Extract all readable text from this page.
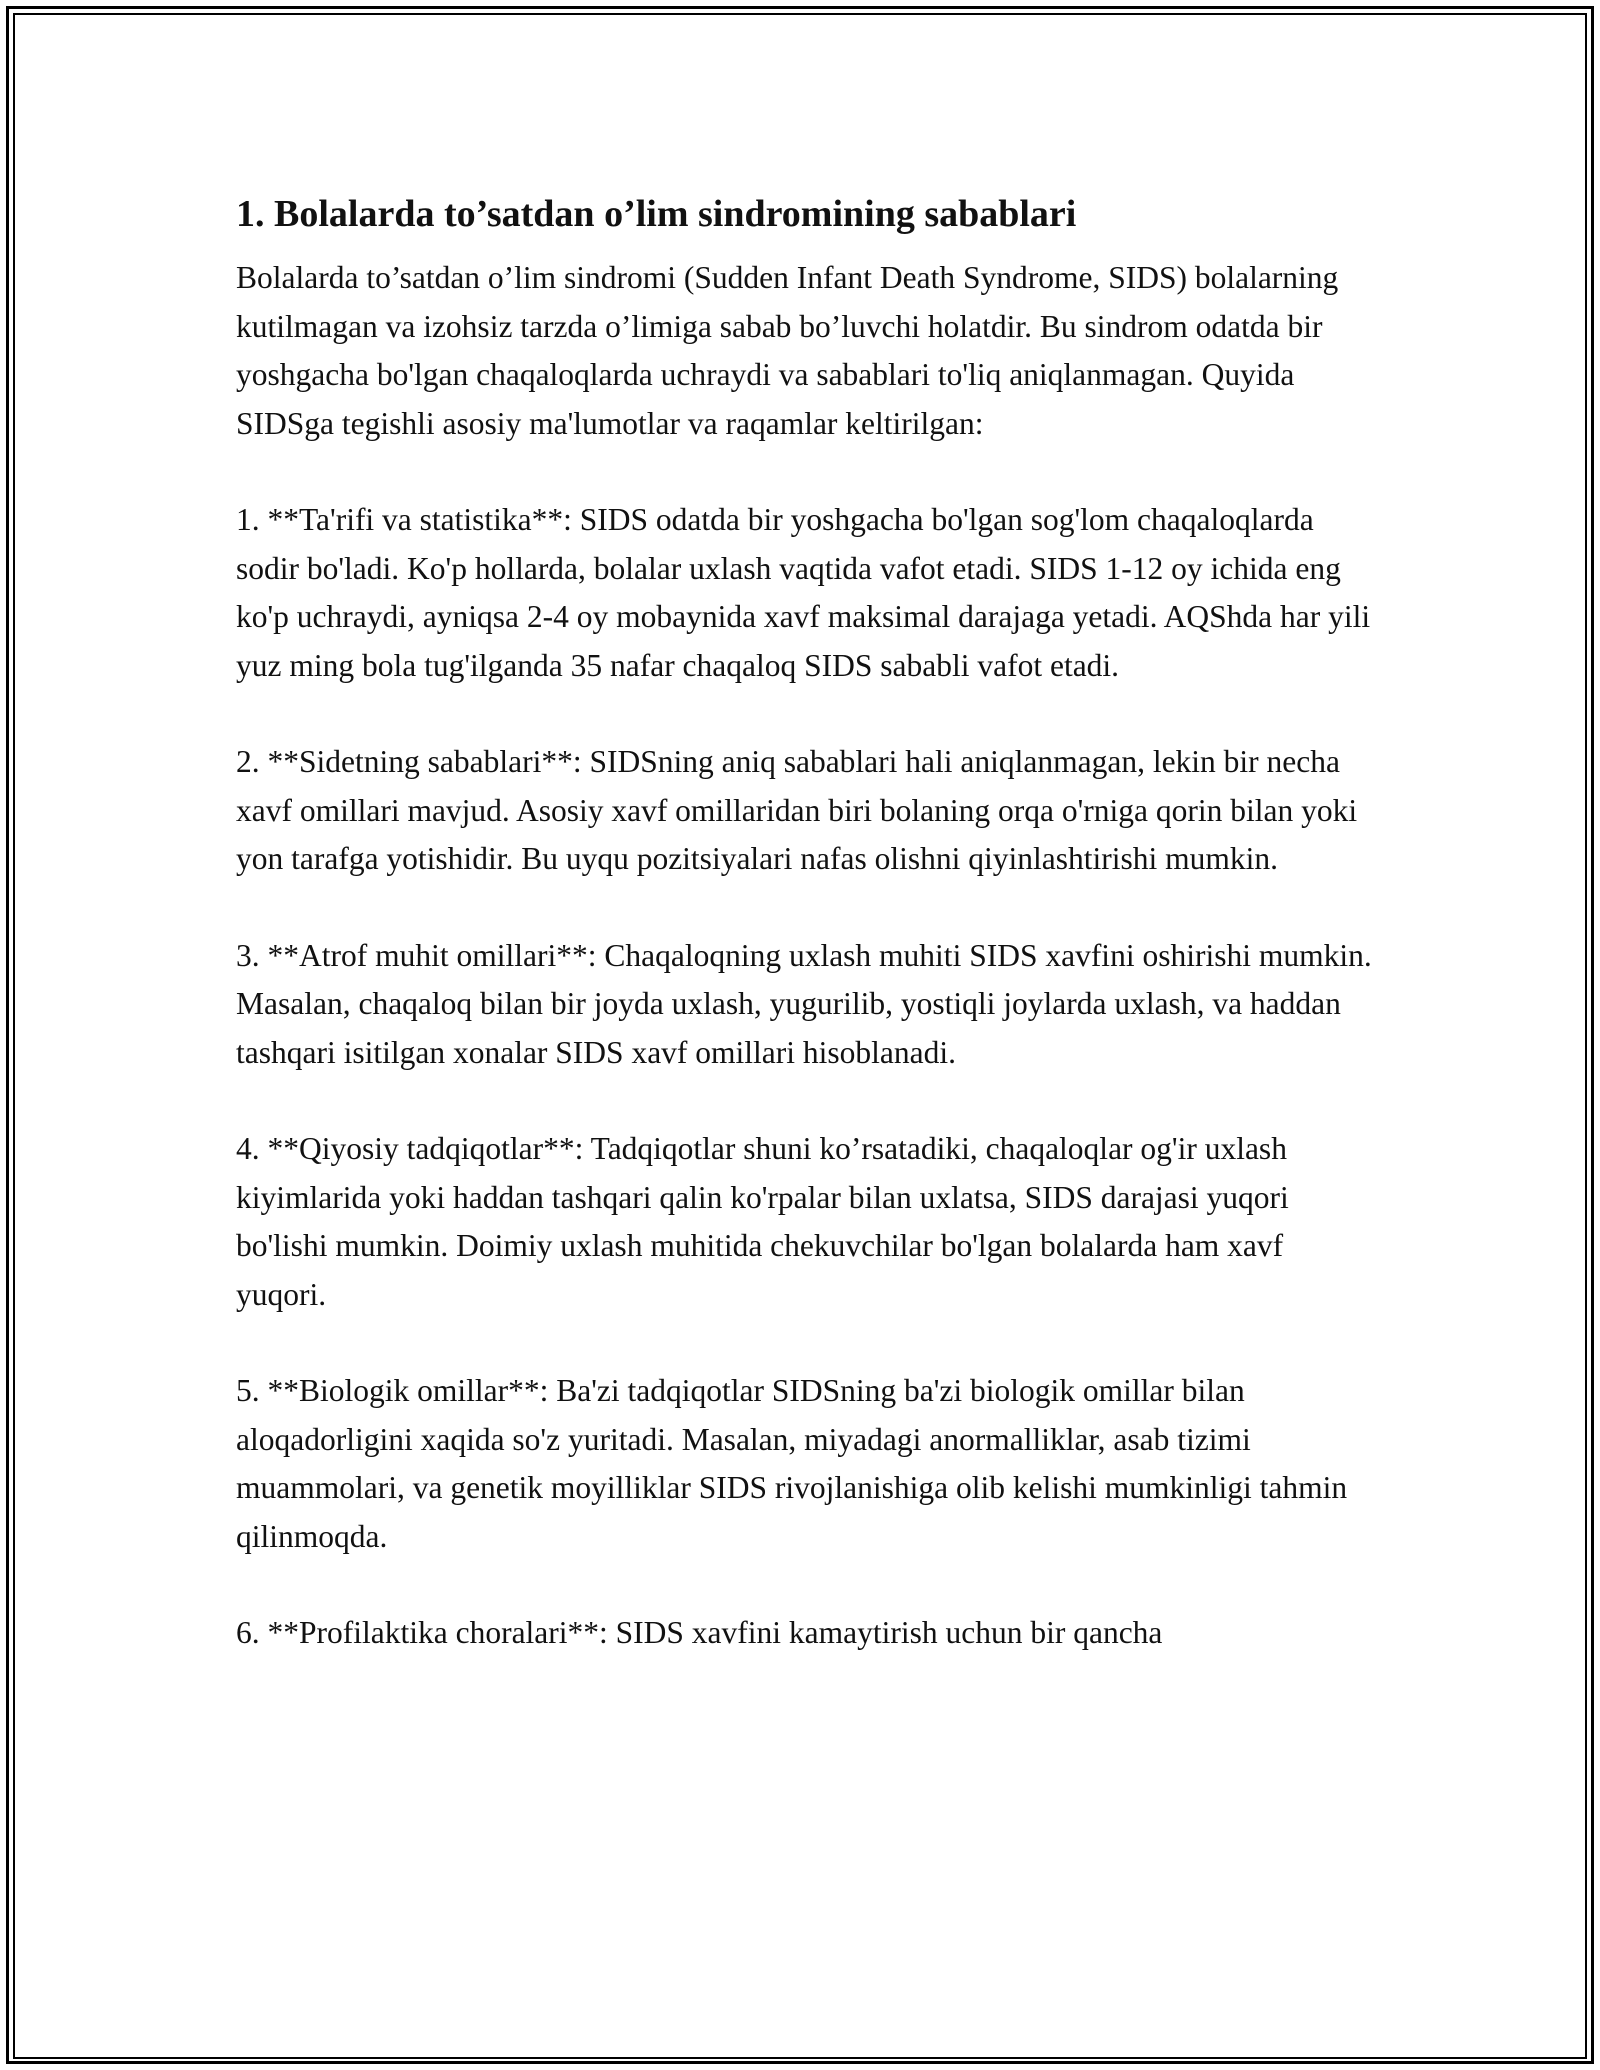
1. Bolalarda to’satdan o’lim sindromining sabablari

Bolalarda to’satdan o’lim sindromi (Sudden Infant Death Syndrome, SIDS) bolalarning kutilmagan va izohsiz tarzda o’limiga sabab bo’luvchi holatdir. Bu sindrom odatda bir yoshgacha bo'lgan chaqaloqlarda uchraydi va sabablari to'liq aniqlanmagan. Quyida SIDSga tegishli asosiy ma'lumotlar va raqamlar keltirilgan:

1. **Ta'rifi va statistika**: SIDS odatda bir yoshgacha bo'lgan sog'lom chaqaloqlarda sodir bo'ladi. Ko'p hollarda, bolalar uxlash vaqtida vafot etadi. SIDS 1-12 oy ichida eng ko'p uchraydi, ayniqsa 2-4 oy mobaynida xavf maksimal darajaga yetadi. AQShda har yili yuz ming bola tug'ilganda 35 nafar chaqaloq SIDS sababli vafot etadi.

2. **Sidetning sabablari**: SIDSning aniq sabablari hali aniqlanmagan, lekin bir necha xavf omillari mavjud. Asosiy xavf omillaridan biri bolaning orqa o'rniga qorin bilan yoki yon tarafga yotishidir. Bu uyqu pozitsiyalari nafas olishni qiyinlashtirishi mumkin.

3. **Atrof muhit omillari**: Chaqaloqning uxlash muhiti SIDS xavfini oshirishi mumkin. Masalan, chaqaloq bilan bir joyda uxlash, yugurilib, yostiqli joylarda uxlash, va haddan tashqari isitilgan xonalar SIDS xavf omillari hisoblanadi.

4. **Qiyosiy tadqiqotlar**: Tadqiqotlar shuni ko’rsatadiki, chaqaloqlar og'ir uxlash kiyimlarida yoki haddan tashqari qalin ko'rpalar bilan uxlatsa, SIDS darajasi yuqori bo'lishi mumkin. Doimiy uxlash muhitida chekuvchilar bo'lgan bolalarda ham xavf yuqori.

5. **Biologik omillar**: Ba'zi tadqiqotlar SIDSning ba'zi biologik omillar bilan aloqadorligini xaqida so'z yuritadi. Masalan, miyadagi anormalliklar, asab tizimi muammolari, va genetik moyilliklar SIDS rivojlanishiga olib kelishi mumkinligi tahmin qilinmoqda.

6. **Profilaktika choralari**: SIDS xavfini kamaytirish uchun bir qancha
